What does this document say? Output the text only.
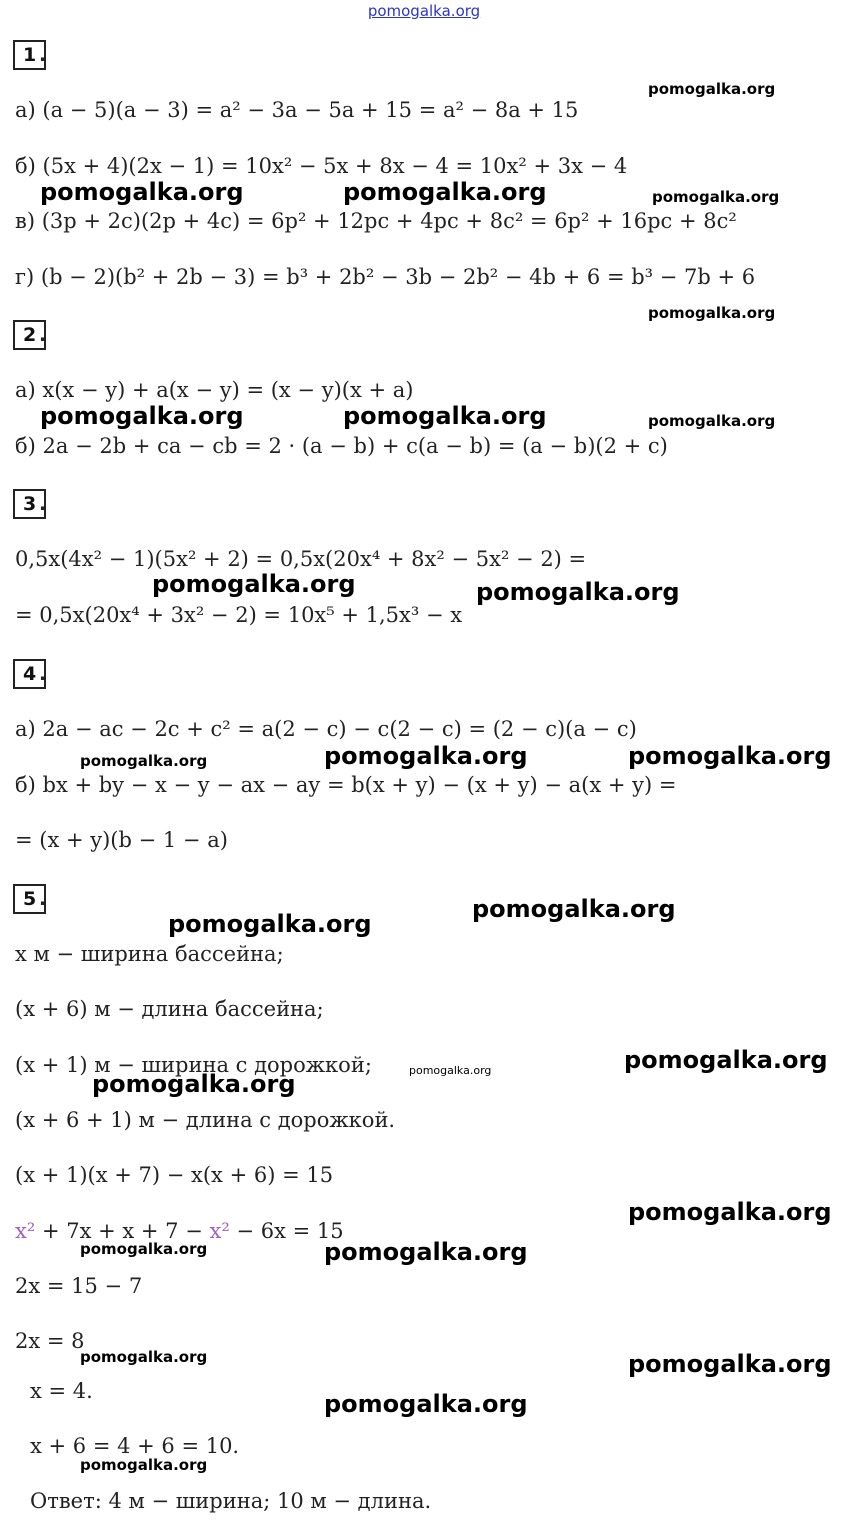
pomogalka.org
1 .
а) (a − 5)(a − 3) = a² − 3a − 5a + 15 = a² − 8a + 15
б) (5x + 4)(2x − 1) = 10x² − 5x + 8x − 4 = 10x² + 3x − 4
в) (3p + 2c)(2p + 4c) = 6p² + 12pc + 4pc + 8c² = 6p² + 16pc + 8c²
г) (b − 2)(b² + 2b − 3) = b³ + 2b² − 3b − 2b² − 4b + 6 = b³ − 7b + 6
2 .
а) x(x − y) + a(x − y) = (x − y)(x + a)
б) 2a − 2b + ca − cb = 2 · (a − b) + c(a − b) = (a − b)(2 + c)
3 .
0,5x(4x² − 1)(5x² + 2) = 0,5x(20x⁴ + 8x² − 5x² − 2) =
= 0,5x(20x⁴ + 3x² − 2) = 10x⁵ + 1,5x³ − x
4 .
а) 2a − ac − 2c + c² = a(2 − c) − c(2 − c) = (2 − c)(a − c)
б) bx + by − x − y − ax − ay = b(x + y) − (x + y) − a(x + y) =
= (x + y)(b − 1 − a)
5 .
x м − ширина бассейна;
(x + 6) м − длина бассейна;
(x + 1) м − ширина с дорожкой;
(x + 6 + 1) м − длина с дорожкой.
(x + 1)(x + 7) − x(x + 6) = 15
x² + 7x + x + 7 − x² − 6x = 15
2x = 15 − 7
2x = 8
x = 4.
x + 6 = 4 + 6 = 10.
Ответ: 4 м − ширина; 10 м − длина.
pomogalka.org
pomogalka.org	pomogalka.org	pomogalka.org
pomogalka.org
pomogalka.org	pomogalka.org	pomogalka.org
pomogalka.org	pomogalka.org
pomogalka.org	pomogalka.org	pomogalka.org
pomogalka.org
pomogalka.org
pomogalka.org
pomogalka.org
pomogalka.org
pomogalka.org
pomogalka.org	pomogalka.org
pomogalka.org	pomogalka.org
pomogalka.org
pomogalka.org
